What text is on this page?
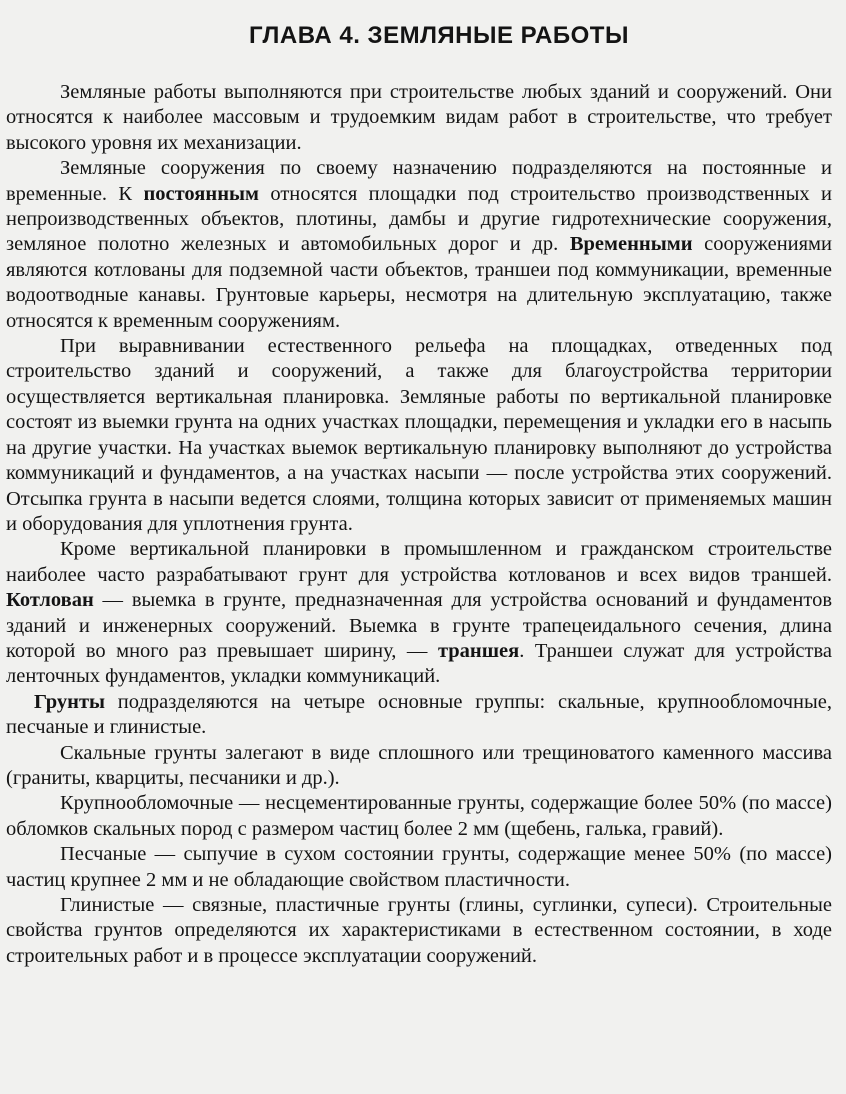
ГЛАВА 4. ЗЕМЛЯНЫЕ РАБОТЫ

Земляные работы выполняются при строительстве любых зданий и сооружений. Они относятся к наиболее массовым и трудоемким видам работ в строительстве, что требует высокого уровня их механизации.

Земляные сооружения по своему назначению подразделяются на постоянные и временные. К постоянным относятся площадки под строительство производственных и непроизводственных объектов, плотины, дамбы и другие гидротехнические сооружения, земляное полотно железных и автомобильных дорог и др. Временными сооружениями являются котлованы для подземной части объектов, траншеи под коммуникации, временные водоотводные канавы. Грунтовые карьеры, несмотря на длительную эксплуатацию, также относятся к временным сооружениям.

При выравнивании естественного рельефа на площадках, отведенных под строительство зданий и сооружений, а также для благоустройства территории осуществляется вертикальная планировка. Земляные работы по вертикальной планировке состоят из выемки грунта на одних участках площадки, перемещения и укладки его в насыпь на другие участки. На участках выемок вертикальную планировку выполняют до устройства коммуникаций и фундаментов, а на участках насыпи — после устройства этих сооружений. Отсыпка грунта в насыпи ведется слоями, толщина которых зависит от применяемых машин и оборудования для уплотнения грунта.

Кроме вертикальной планировки в промышленном и гражданском строительстве наиболее часто разрабатывают грунт для устройства котлованов и всех видов траншей. Котлован — выемка в грунте, предназначенная для устройства оснований и фундаментов зданий и инженерных сооружений. Выемка в грунте трапецеидального сечения, длина которой во много раз превышает ширину, — траншея. Траншеи служат для устройства ленточных фундаментов, укладки коммуникаций.

Грунты подразделяются на четыре основные группы: скальные, крупнообломочные, песчаные и глинистые.

Скальные грунты залегают в виде сплошного или трещиноватого каменного массива (граниты, кварциты, песчаники и др.).

Крупнообломочные — несцементированные грунты, содержащие более 50% (по массе) обломков скальных пород с размером частиц более 2 мм (щебень, галька, гравий).

Песчаные — сыпучие в сухом состоянии грунты, содержащие менее 50% (по массе) частиц крупнее 2 мм и не обладающие свойством пластичности.

Глинистые — связные, пластичные грунты (глины, суглинки, супеси). Строительные свойства грунтов определяются их характеристиками в естественном состоянии, в ходе строительных работ и в процессе эксплуатации сооружений.
